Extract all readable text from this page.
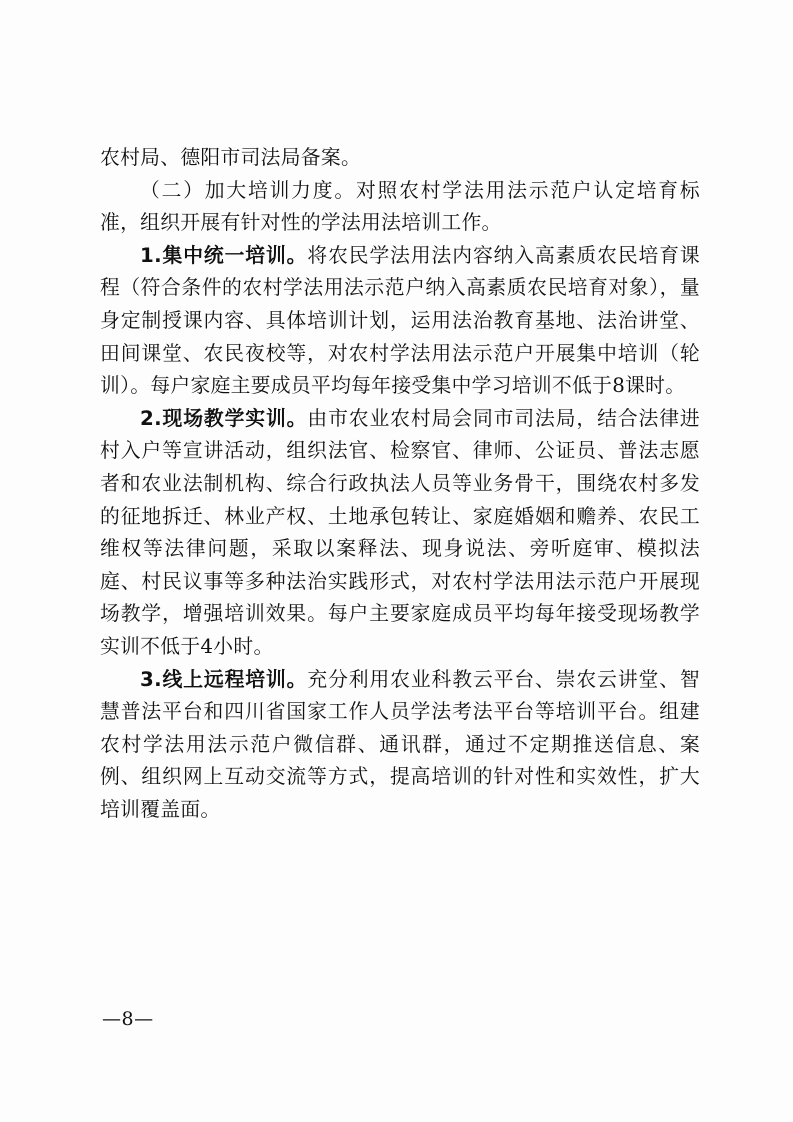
农村局、德阳市司法局备案。

（二）加大培训力度。对照农村学法用法示范户认定培育标准，组织开展有针对性的学法用法培训工作。

1.集中统一培训。将农民学法用法内容纳入高素质农民培育课程（符合条件的农村学法用法示范户纳入高素质农民培育对象），量身定制授课内容、具体培训计划，运用法治教育基地、法治讲堂、田间课堂、农民夜校等，对农村学法用法示范户开展集中培训（轮训）。每户家庭主要成员平均每年接受集中学习培训不低于8课时。

2.现场教学实训。由市农业农村局会同市司法局，结合法律进村入户等宣讲活动，组织法官、检察官、律师、公证员、普法志愿者和农业法制机构、综合行政执法人员等业务骨干，围绕农村多发的征地拆迁、林业产权、土地承包转让、家庭婚姻和赡养、农民工维权等法律问题，采取以案释法、现身说法、旁听庭审、模拟法庭、村民议事等多种法治实践形式，对农村学法用法示范户开展现场教学，增强培训效果。每户主要家庭成员平均每年接受现场教学实训不低于4小时。

3.线上远程培训。充分利用农业科教云平台、崇农云讲堂、智慧普法平台和四川省国家工作人员学法考法平台等培训平台。组建农村学法用法示范户微信群、通讯群，通过不定期推送信息、案例、组织网上互动交流等方式，提高培训的针对性和实效性，扩大培训覆盖面。

—8—
